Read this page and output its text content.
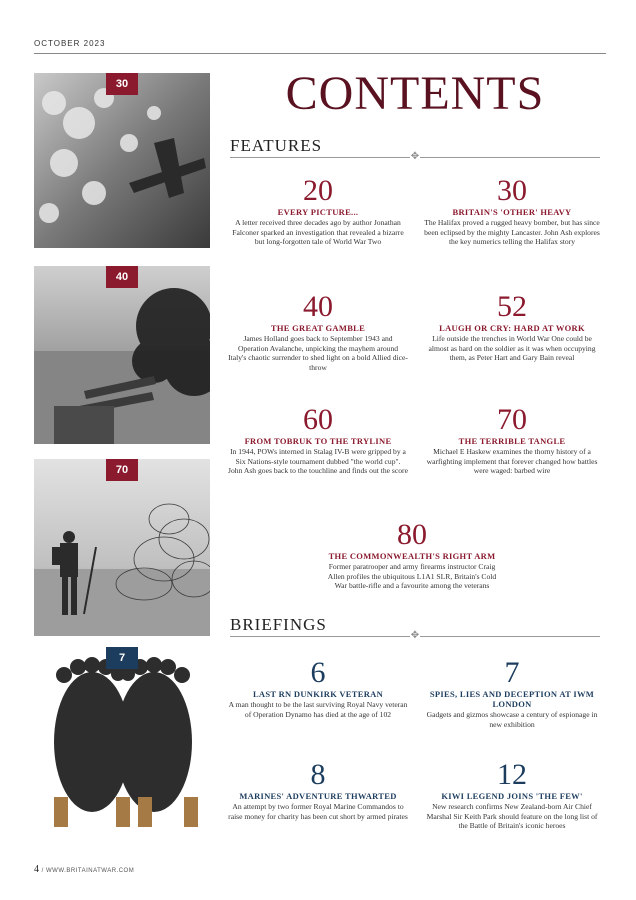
OCTOBER 2023
CONTENTS
FEATURES
✥
BRIEFINGS
✥
30
40
70
7
20
EVERY PICTURE...
A letter received three decades ago by author Jonathan Falconer sparked an investigation that revealed a bizarre but long-forgotten tale of World War Two
30
BRITAIN'S 'OTHER' HEAVY
The Halifax proved a rugged heavy bomber, but has since been eclipsed by the mighty Lancaster. John Ash explores the key numerics telling the Halifax story
40
THE GREAT GAMBLE
James Holland goes back to September 1943 and Operation Avalanche, unpicking the mayhem around Italy's chaotic surrender to shed light on a bold Allied dice-throw
52
LAUGH OR CRY: HARD AT WORK
Life outside the trenches in World War One could be almost as hard on the soldier as it was when occupying them, as Peter Hart and Gary Bain reveal
60
FROM TOBRUK TO THE TRYLINE
In 1944, POWs interned in Stalag IV-B were gripped by a Six Nations-style tournament dubbed "the world cup". John Ash goes back to the touchline and finds out the score
70
THE TERRIBLE TANGLE
Michael E Haskew examines the thorny history of a warfighting implement that forever changed how battles were waged: barbed wire
80
THE COMMONWEALTH'S RIGHT ARM
Former paratrooper and army firearms instructor Craig Allen profiles the ubiquitous L1A1 SLR, Britain's Cold War battle-rifle and a favourite among the veterans
6
LAST RN DUNKIRK VETERAN
A man thought to be the last surviving Royal Navy veteran of Operation Dynamo has died at the age of 102
7
SPIES, LIES AND DECEPTION AT IWM LONDON
Gadgets and gizmos showcase a century of espionage in new exhibition
8
MARINES' ADVENTURE THWARTED
An attempt by two former Royal Marine Commandos to raise money for charity has been cut short by armed pirates
12
KIWI LEGEND JOINS 'THE FEW'
New research confirms New Zealand-born Air Chief Marshal Sir Keith Park should feature on the long list of the Battle of Britain's iconic heroes
4 / WWW.BRITAINATWAR.COM
